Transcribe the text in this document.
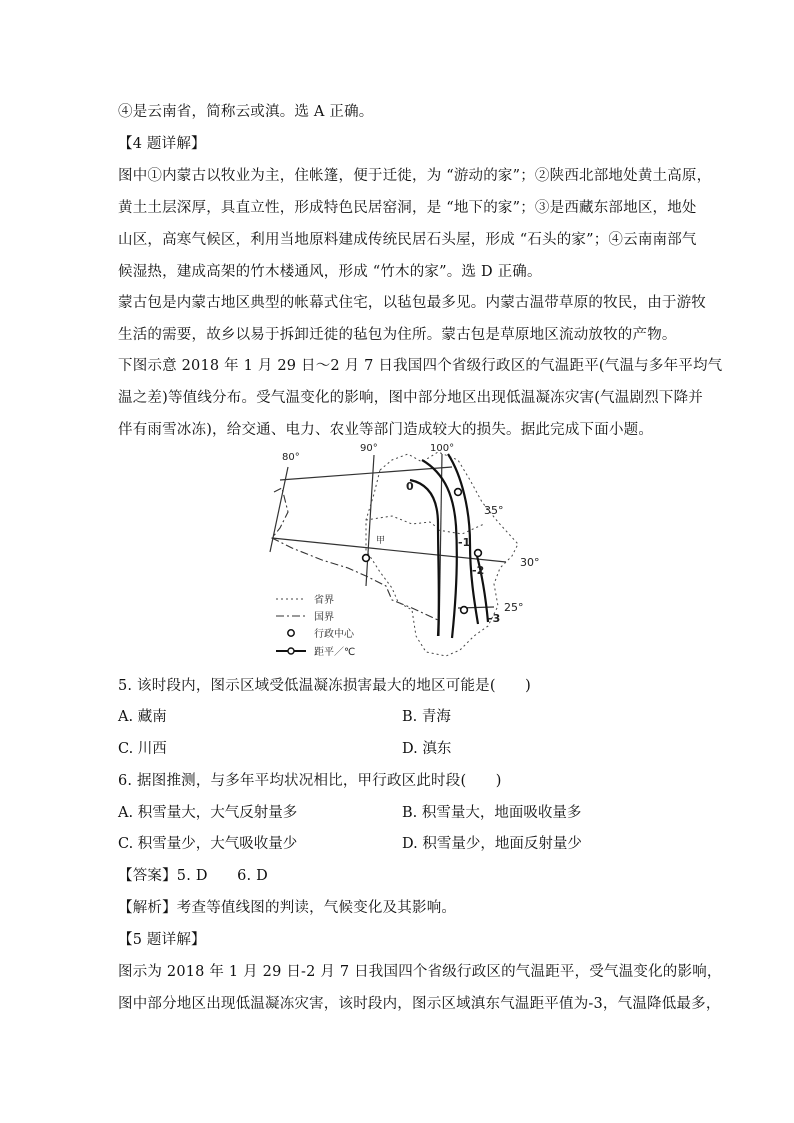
④是云南省，简称云或滇。选 A 正确。
【4 题详解】
图中①内蒙古以牧业为主，住帐篷，便于迁徙，为 “游动的家”；②陕西北部地处黄土高原，
黄土土层深厚，具直立性，形成特色民居窑洞，是 “地下的家”；③是西藏东部地区，地处
山区，高寒气候区，利用当地原料建成传统民居石头屋，形成 “石头的家”；④云南南部气
候湿热，建成高架的竹木楼通风，形成 “竹木的家”。选 D 正确。
蒙古包是内蒙古地区典型的帐幕式住宅，以毡包最多见。内蒙古温带草原的牧民，由于游牧
生活的需要，故乡以易于拆卸迁徙的毡包为住所。蒙古包是草原地区流动放牧的产物。
下图示意 2018 年 1 月 29 日～2 月 7 日我国四个省级行政区的气温距平(气温与多年平均气
温之差)等值线分布。受气温变化的影响，图中部分地区出现低温凝冻灾害(气温剧烈下降并
伴有雨雪冰冻)，给交通、电力、农业等部门造成较大的损失。据此完成下面小题。
80°
90°	100°
35°
30°
25°
甲
0
-1
-2
-3
省界
国界
行政中心
距平／℃
5. 该时段内，图示区域受低温凝冻损害最大的地区可能是(　　)
A. 藏南	B. 青海
C. 川西	D. 滇东
6. 据图推测，与多年平均状况相比，甲行政区此时段(　　)
A. 积雪量大，大气反射量多	B. 积雪量大，地面吸收量多
C. 积雪量少，大气吸收量少	D. 积雪量少，地面反射量少
【答案】5. D　　6. D
【解析】考查等值线图的判读，气候变化及其影响。
【5 题详解】
图示为 2018 年 1 月 29 日-2 月 7 日我国四个省级行政区的气温距平，受气温变化的影响，
图中部分地区出现低温凝冻灾害，该时段内，图示区域滇东气温距平值为-3，气温降低最多，
